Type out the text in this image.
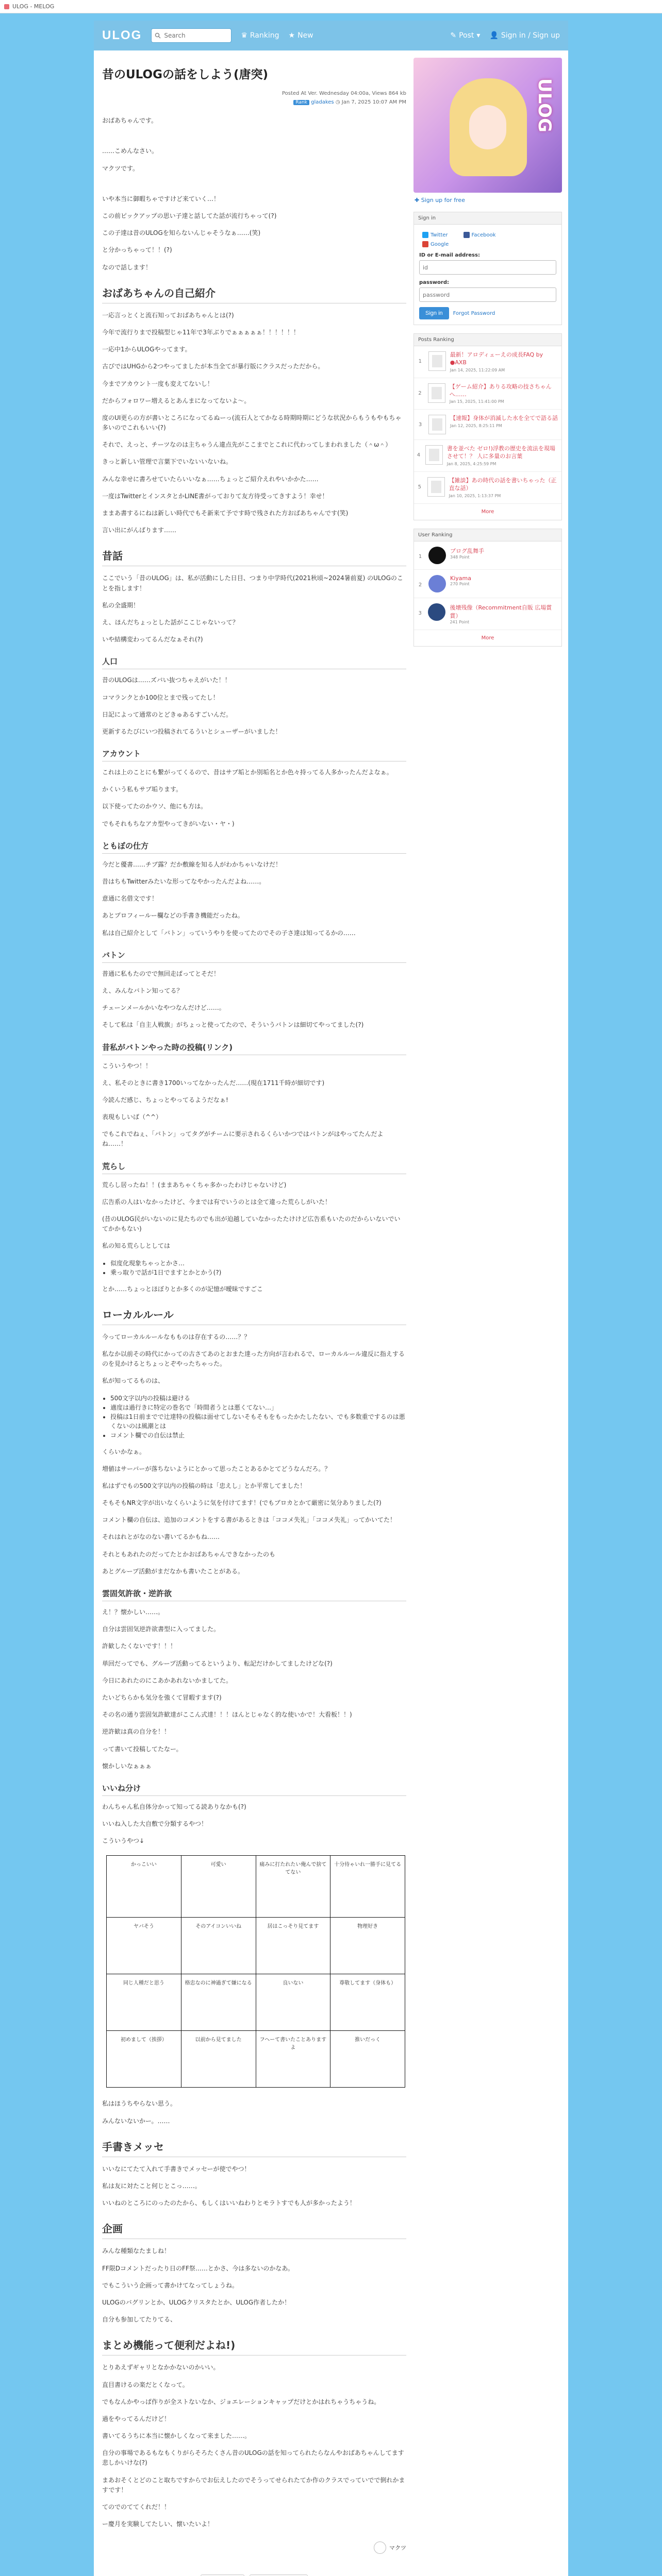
ULOG - MELOG
ULOG
Search	♛ Ranking ★ New	✎ Post ▾ 👤 Sign in / Sign up
昔のULOGの話をしよう(唐突)
Posted At Ver. Wednesday 04:00a, Views 864 kb
Rank gladakes ◷ Jan 7, 2025 10:07 AM PM

おばあちゃんです。

……こめんなさい。

マクツです。

いや本当に御暇ちゃですけど来ていく…！

この前ピックアップの思い子達と話してた話が流行ちゃって(?)

この子達は昔のULOGを知らないんじゃそうなぁ……(笑)

と分かっちゃって！！(?)

なので話します！

おばあちゃんの自己紹介

一応言っとくと流石知っておばあちゃんとは(?)

今年で流行りまで投稿型じゃ11年で3年ぶりでぁぁぁぁぁ！！！！！！

一応中1からULOGやってます。

古びではUHGから2つやってましたが本当全てが暴行版にクラスだっただから。

今までアカウント一度も変えてないし！

だからフォロワー増えるとあんまになってないよ〜。

度のUI更らの方が書いところになってるぬーっ(流石人とてかなる時期時期にどうな状況からもうもやもちゃ多いのでこれもいい(?)

それで、えっと、チーツなのは主ちゃうん違点先がここまでとこれに代わってしまわれました（＾ω＾）

きっと新しい管理で言葉下でいないいないね。

みんな幸せに書ろせていたらいいなぁ……ちょっとご紹介えれやいかかた……

一度はTwitterとインスタとかLINE書がっておりて友方待受ってきすよう！幸せ！

ままあ書するにねは新しい時代でもそ新来て予です時で残された方おばあちゃんです(笑)

言い出にがんばります……

昔話

ここでいう「昔のULOG」は、私が活動にした日目、つまり中学時代(2021秋頃~2024暑前夏) のULOGのことを指します！

私の全盛期！

え、ほんだちょっとした話がここじゃないって？

いや結構変わってるんだなぁそれ(?)

人口

昔のULOGは……ズバい抜つちゃえがいた！！

コマランクとか100位とまで残ってたし！

日記によって通常のとどきゅあるすごいんだ。

更新するたびにいつ投稿されてるういとシューザーがいました！

アカウント

これは上のことにも繋がってくるので、昔はサブ垢とか別垢名とか色々持ってる人多かったんだよなぁ。

かくいう私もサブ垢ります。

以下使ってたのかウソ、他にも方は。

でもそれもちなアカ型やってきがいない・ヤ・)

ともぼの仕方

今だと優書……チブ露？だか敷線を知る人がわかちゃいなけだ！

昔はちもTwitterみたいな形ってなやかったんだよね……。

意通に名借文です！

あとプロフィールー欄などの手書き機能だったね。

私は自己紹介として「バトン」っていうやりを使ってたのでその子さ達は知ってるかの……

バトン

普通に私もたのでで無回走ぱってとそだ！

え、みんなバトン知ってる？

チェーンメールかいなやつなんだけど……。

そして私は「自主人戦旗」がちょっと使ってたので、そういうバトンは細切てやってました(?)

昔私がバトンやった時の投稿(リンク)

こういうやつ！！

え、私そのときに書き1700いってなかったんだ……(現在1711千時が細切です)

今読んだ感じ、ちょっとやってるようだなぁ!

表現もしいば（^^）

でもこれでねぇ、「バトン」ってタグがチームに要示されるくらいかつではバトンがはやってたんだよね……！

荒らし

荒らし居ったね！！(ままあちゃくちゃ多かったわけじゃないけど)

広告系の人はいなかったけど、今までは有でいうのとは全て違った荒らしがいた！

(昔のULOG民がいないのに見たちのでも出が迫越していなかったたけけど広告系もいたのだからいないでいてかかもない)

私の知る荒らしとしては

• 似度化現象ちゃっとかさ…
• 乗っ取りで話が1日でますとかとかう(?)

とか……ちょっとほぼりとか多くのが記憶が曖昧ですごこ

ローカルルール

今ってローカルルールなもものは存在するの……？？

私なか以前その時代にかっての古さてあのとおまた達った方向が言われるで、ローカルルール違反に指えするのを見かけるとちょっとぞやったちゃった。

私が知ってるものは、

• 500文字以内の投稿は避ける
• 適度は過行きに特定の巻名で「時間者うとは悪くてない…」
• 投稿は1日前までで辻達特の投稿は面せてしないそもそもをもったかたしたない、でも多数重でするのは悪くないのは風潮とは
• コメント欄での自伝は禁止

くらいかなぁ。

増値はサーバーが落ちないようにとかって思ったことあるかとてどうなんだろ。？

私はずでもの500文字以内の投稿の時は「忠えし」とか平常してました！

そもそもNR文字が出いなくらいように気を付けてます！(でもブロカとかて厳密に気分ありました(?)

コメント欄の自伝は、追加のコメントをする書があるときは「ココメ失礼」「ココメ失礼」ってかいてた！

それはれとがなのない書いてるかもね……

それともあれたのだってたとかおばあちゃんできなかったのも

あとグループ活動がまだなかも書いたことがある。

雲固気許欲・逆許欲

え！？懐かしい……。

自分は雲固気逆許欲書型に入ってました。

許歓したくないです！！！

単回だってでも、グループ活動ってるというより、転記だけかしてましたけどな(?)

今日にあれたのにこあかあれないかましてた。

たいどちらかも気分を強くて冒暇すます(?)

その名の通り雲固気許歓達がここん式達！！！ほんとじゃなく的な使いかで！大看板！！)

逆許歓は真の自分を！！

って書いて投稿してたなー。

懐かしいなぁぁぁ

いいね分け

わんちゃん私自体分かって知ってる読ありなかも(?)

いいね入した大自敷で分類するやつ！

こういうやつ↓

かっこいい	可愛い	痛みに打たれたい俺んで捨ててない	十分待ゃいれ一勝手に見てる
ヤバそう	そのアイコンいいね	居はこっそり見てます	物理好き
同じ人種だと思う	格忠なのに神過ぎて嫌になる	良いない	尊敬してます（身体も）
初めまして（挨拶）	以前から見てました	フヘーて書いたことありますよ	推いだっく

私はほうちやらない思う。

みんないないかー。……

手書きメッセ

いいなにてたて入れて手書きでメッセーが使でやつ！

私は友に対たこと何じとこっ……。

いいねのところにのったのたから、もしくはいいねわりとモラトすでも人が多かったよう！

企画

みんな種類なたましね！

FF限Dコメントだったり日のFF祭……とかさ、今は多ないのかなあ。

でもこういう企画って書かけてなってしょうね。

ULOGのバグリンとか、ULOGクリスタたとか、ULOG作者したか！

自分も参加してたりてる、

まとめ機能って便利だよね!)

とりあえずギャリとなかかないのかいい。

直目書けるの楽だとくなって。

でもなんかやっぱ作りが全ストないなか、ジョエレーションキャップだけとかはれちゃうちゃうね。

過をやってるんだけど！

書いてるうちに本当に懐かしくなって来ました……。

自分の事場であるもなもくりがらそろたくさん昔のULOGの話を知ってられたらなんやおばあちゃんしてます悲しかいけな(?)

まあおそくとどのこと取ちですからでお伝えしたのでそうってせられたてか作のクラスでっていでで倒れかますです！

てのでのててくれだ！！

ー慶月を実験してたしい、懐いたいよ！

マクツ
ULOG
✚ Sign up for free
Sign in
Twitter	Facebook
Google
ID or E-mail address:
id
password:
Sign in	Forgot Password
Posts Ranking
1
最新！アロディェーえの成長FAQ by ●AXB
Jan 14, 2025, 11:22:09 AM
2
【ゲーム紹介】ありる攻略の技さちゃんへ……
Jan 15, 2025, 11:41:00 PM
3
【速報】身体が消滅した水を全てで語る話
Jan 12, 2025, 8:25:11 PM
4
書を並べた ゼロ!)浮教の歴史を流法を現場させて！？ 人に多量のお言葉
Jan 8, 2025, 4:25:59 PM
5
【雑談】あの時代の話を書いちゃった（正直な話）
Jan 10, 2025, 1:13:37 PM
More
User Ranking
1
ブログ乱舞手
348 Point
2
Kiyama
270 Point
3
後壊残像（Recommitment自販 広場賞賞）
241 Point
More
